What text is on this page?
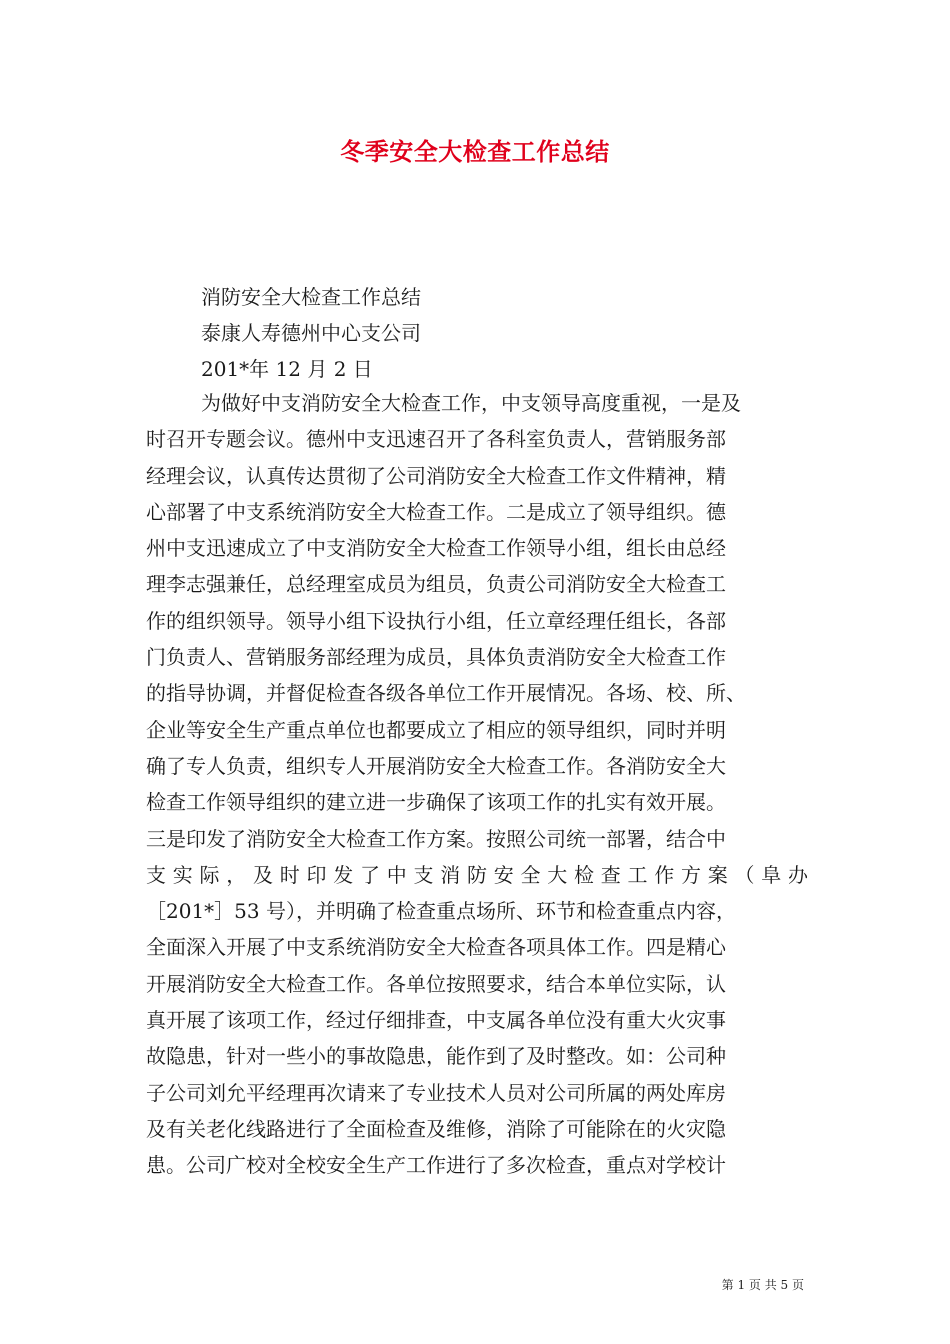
冬季安全大检查工作总结
消防安全大检查工作总结
泰康人寿德州中心支公司
201*年 12 月 2 日
为做好中支消防安全大检查工作，中支领导高度重视，一是及
时召开专题会议。德州中支迅速召开了各科室负责人，营销服务部
经理会议，认真传达贯彻了公司消防安全大检查工作文件精神，精
心部署了中支系统消防安全大检查工作。二是成立了领导组织。德
州中支迅速成立了中支消防安全大检查工作领导小组，组长由总经
理李志强兼任，总经理室成员为组员，负责公司消防安全大检查工
作的组织领导。领导小组下设执行小组，任立章经理任组长，各部
门负责人、营销服务部经理为成员，具体负责消防安全大检查工作
的指导协调，并督促检查各级各单位工作开展情况。各场、校、所、
企业等安全生产重点单位也都要成立了相应的领导组织，同时并明
确了专人负责，组织专人开展消防安全大检查工作。各消防安全大
检查工作领导组织的建立进一步确保了该项工作的扎实有效开展。
三是印发了消防安全大检查工作方案。按照公司统一部署，结合中
支实际，及时印发了中支消防安全大检查工作方案（阜办
［201*］53 号），并明确了检查重点场所、环节和检查重点内容，
全面深入开展了中支系统消防安全大检查各项具体工作。四是精心
开展消防安全大检查工作。各单位按照要求，结合本单位实际，认
真开展了该项工作，经过仔细排查，中支属各单位没有重大火灾事
故隐患，针对一些小的事故隐患，能作到了及时整改。如：公司种
子公司刘允平经理再次请来了专业技术人员对公司所属的两处库房
及有关老化线路进行了全面检查及维修，消除了可能除在的火灾隐
患。公司广校对全校安全生产工作进行了多次检查，重点对学校计
第 1 页 共 5 页
